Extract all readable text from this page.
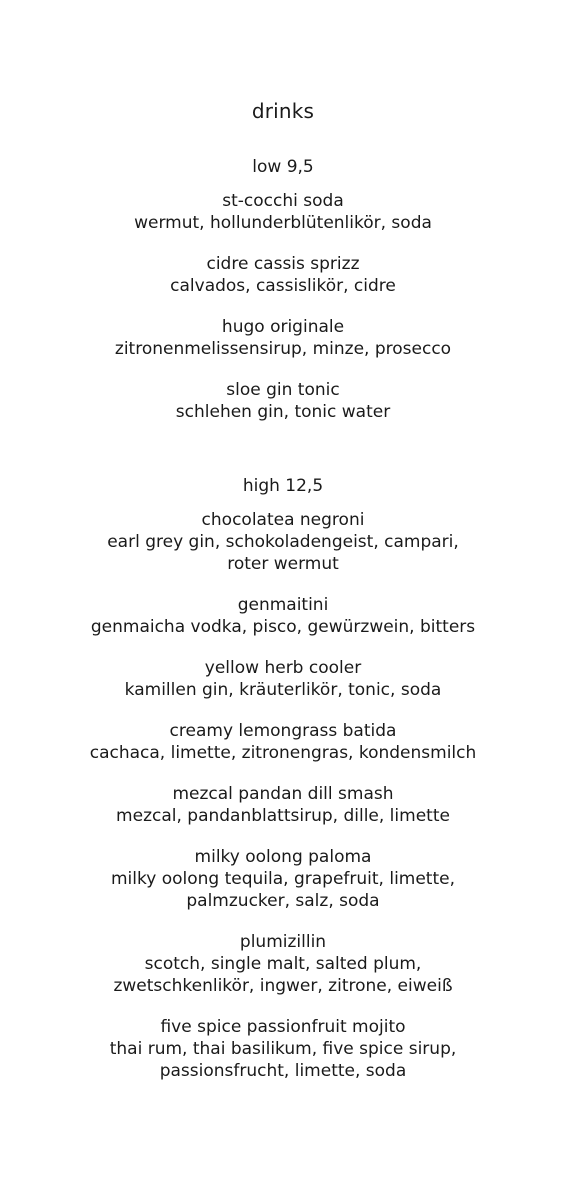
drinks
low 9,5
st-cocchi soda
wermut, hollunderblütenlikör, soda
cidre cassis sprizz
calvados, cassislikör, cidre
hugo originale
zitronenmelissensirup, minze, prosecco
sloe gin tonic
schlehen gin, tonic water
high 12,5
chocolatea negroni
earl grey gin, schokoladengeist, campari,
roter wermut
genmaitini
genmaicha vodka, pisco, gewürzwein, bitters
yellow herb cooler
kamillen gin, kräuterlikör, tonic, soda
creamy lemongrass batida
cachaca, limette, zitronengras, kondensmilch
mezcal pandan dill smash
mezcal, pandanblattsirup, dille, limette
milky oolong paloma
milky oolong tequila, grapefruit, limette,
palmzucker, salz, soda
plumizillin
scotch, single malt, salted plum,
zwetschkenlikör, ingwer, zitrone, eiweiß
five spice passionfruit mojito
thai rum, thai basilikum, five spice sirup,
passionsfrucht, limette, soda
